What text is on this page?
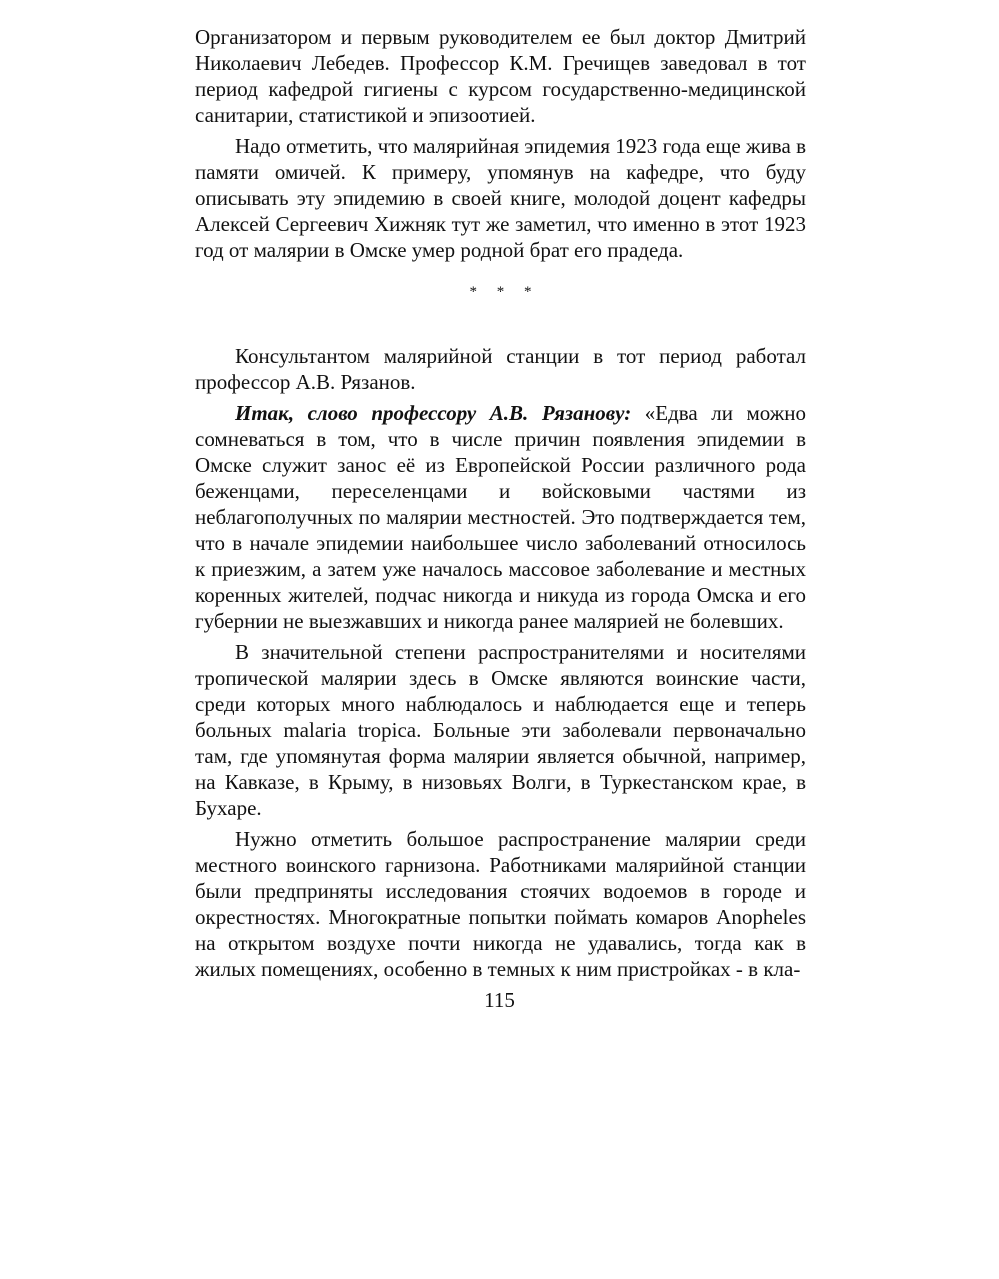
Организатором и первым руководителем ее был доктор Дмитрий Николаевич Лебедев. Профессор К.М. Гречищев заведовал в тот период кафедрой гигиены с курсом государственно-медицинской санитарии, статистикой и эпизоотией.

Надо отметить, что малярийная эпидемия 1923 года еще жива в памяти омичей. К примеру, упомянув на кафедре, что буду описывать эту эпидемию в своей книге, молодой доцент кафедры Алексей Сергеевич Хижняк тут же заметил, что именно в этот 1923 год от малярии в Омске умер родной брат его прадеда.

* * *

Консультантом малярийной станции в тот период работал профессор А.В. Рязанов.

Итак, слово профессору А.В. Рязанову: «Едва ли можно сомневаться в том, что в числе причин появления эпидемии в Омске служит занос её из Европейской России различного рода беженцами, переселенцами и войсковыми частями из неблагополучных по малярии местностей. Это подтверждается тем, что в начале эпидемии наибольшее число заболеваний относилось к приезжим, а затем уже началось массовое заболевание и местных коренных жителей, подчас никогда и никуда из города Омска и его губернии не выезжавших и никогда ранее малярией не болевших.

В значительной степени распространителями и носителями тропической малярии здесь в Омске являются воинские части, среди которых много наблюдалось и наблюдается еще и теперь больных malaria tropica. Больные эти заболевали первоначально там, где упомянутая форма малярии является обычной, например, на Кавказе, в Крыму, в низовьях Волги, в Туркестанском крае, в Бухаре.

Нужно отметить большое распространение малярии среди местного воинского гарнизона. Работниками малярийной станции были предприняты исследования стоячих водоемов в городе и окрестностях. Многократные попытки поймать комаров Anopheles на открытом воздухе почти никогда не удавались, тогда как в жилых помещениях, особенно в темных к ним пристройках - в кла-

115
